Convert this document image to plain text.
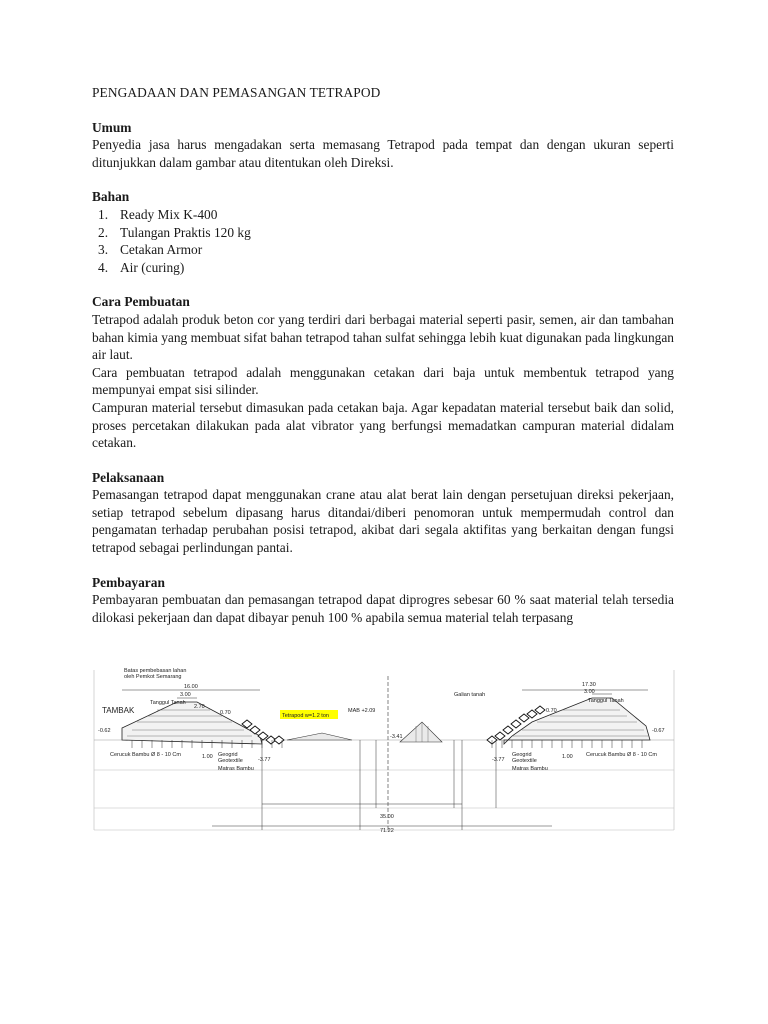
PENGADAAN DAN PEMASANGAN TETRAPOD

Umum

Penyedia jasa harus mengadakan serta memasang Tetrapod pada tempat dan dengan ukuran seperti ditunjukkan dalam gambar atau ditentukan oleh Direksi.

Bahan

1. Ready Mix K-400
2. Tulangan Praktis 120 kg
3. Cetakan Armor
4. Air (curing)

Cara Pembuatan

Tetrapod adalah produk beton cor yang terdiri dari berbagai material seperti pasir, semen, air dan tambahan bahan kimia yang membuat sifat bahan tetrapod tahan sulfat sehingga lebih kuat digunakan pada lingkungan air laut.

Cara pembuatan tetrapod adalah menggunakan cetakan dari baja untuk membentuk tetrapod yang mempunyai empat sisi silinder.

Campuran material tersebut dimasukan pada cetakan baja. Agar kepadatan material tersebut baik dan solid, proses percetakan dilakukan pada alat vibrator yang berfungsi memadatkan campuran material didalam cetakan.

Pelaksanaan

Pemasangan tetrapod dapat menggunakan crane atau alat berat lain dengan persetujuan direksi pekerjaan, setiap tetrapod sebelum dipasang harus ditandai/diberi penomoran untuk mempermudah control dan pengamatan terhadap perubahan posisi tetrapod, akibat dari segala aktifitas yang berkaitan dengan fungsi tetrapod sebagai perlindungan pantai.

Pembayaran

Pembayaran pembuatan dan pemasangan tetrapod dapat diprogres sebesar 60 % saat material telah tersedia dilokasi pekerjaan dan dapat dibayar penuh 100 % apabila semua material telah terpasang

Batas pembebasan lahan
oleh Pemkot Semarang
16.00
3.00
Tanggul Tanah
2.70
0.70
-0.62
Tetrapod w=1.2 ton
MAB +2.09
Galian tanah
-3.41
Geogrid
Geotextile
Matras Bambu
1.00	-3.77
Cerucuk Bambu Ø 8 - 10 Cm
17.30
3.00
Tanggul Tanah
0.70
-0.67
Geogrid
Geotextile
Matras Bambu
1.00
-3.77
Cerucuk Bambu Ø 8 - 10 Cm
35.00
71.22
TAMBAK
